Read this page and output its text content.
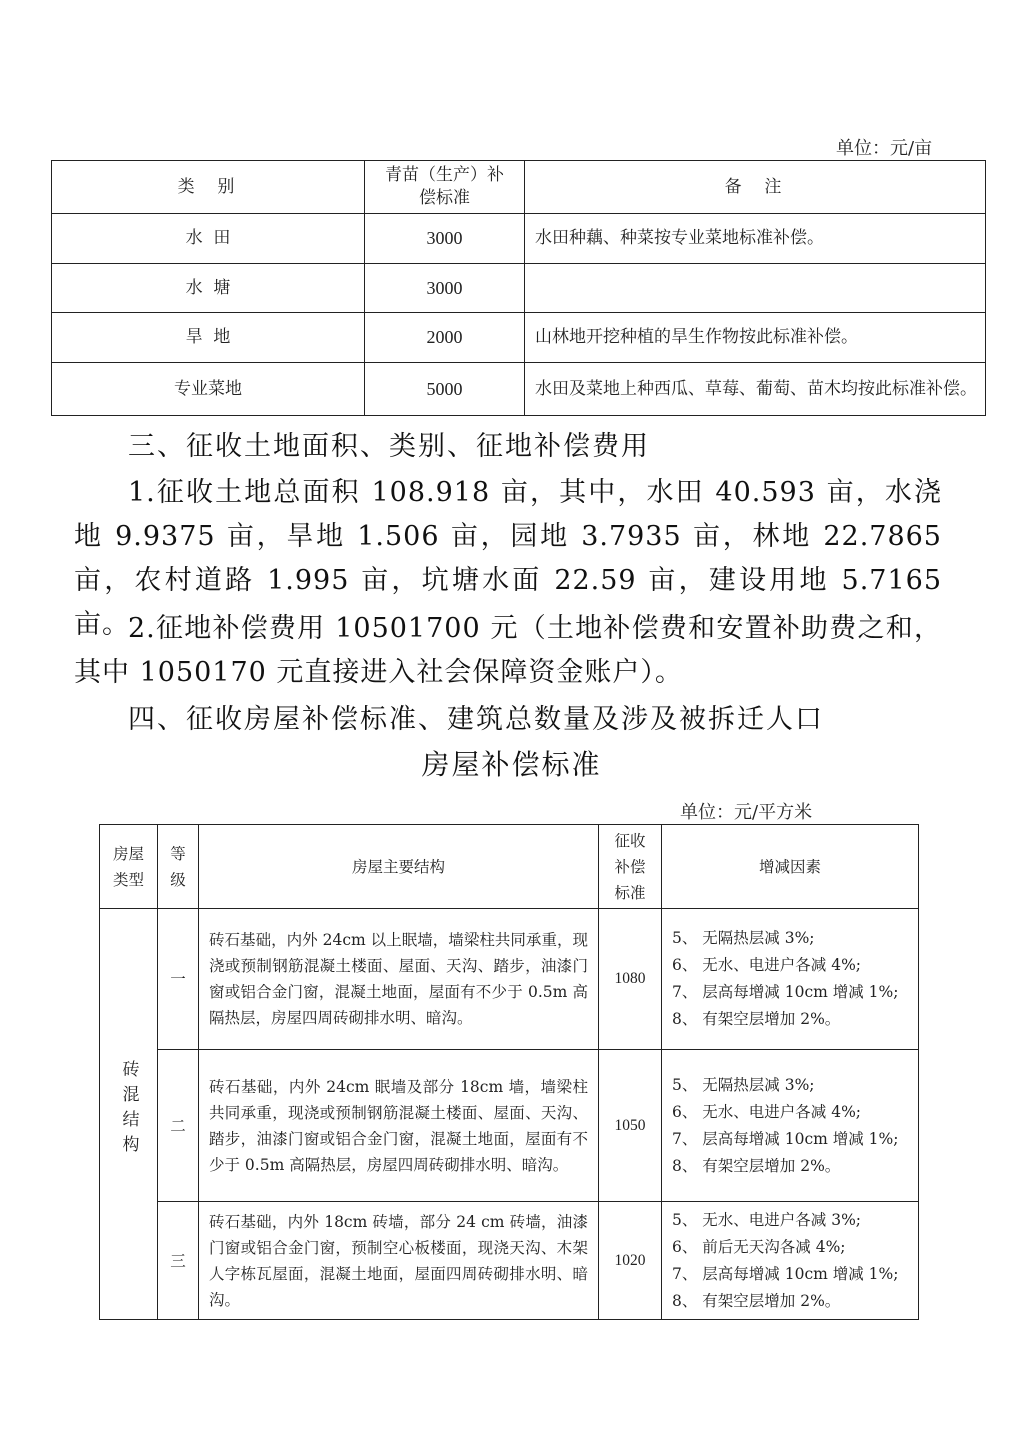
单位：元/亩
类  别	青苗（生产）补偿标准	备  注
水  田	3000	水田种藕、种菜按专业菜地标准补偿。
水  塘	3000	
旱  地	2000	山林地开挖种植的旱生作物按此标准补偿。
专业菜地	5000	水田及菜地上种西瓜、草莓、葡萄、苗木均按此标准补偿。
三、征收土地面积、类别、征地补偿费用
1.征收土地总面积 108.918 亩，其中，水田 40.593 亩，水浇地 9.9375 亩，旱地 1.506 亩，园地 3.7935 亩，林地 22.7865 亩，农村道路 1.995 亩，坑塘水面 22.59 亩，建设用地 5.7165 亩。
2.征地补偿费用 10501700 元（土地补偿费和安置补助费之和，其中 1050170 元直接进入社会保障资金账户）。
四、征收房屋补偿标准、建筑总数量及涉及被拆迁人口
房屋补偿标准
单位：元/平方米
房屋类型	等级	房屋主要结构	征收补偿标准	增减因素
砖混结构	一	砖石基础，内外 24cm 以上眠墙，墙梁柱共同承重，现浇或预制钢筋混凝土楼面、屋面、天沟、踏步，油漆门窗或铝合金门窗，混凝土地面，屋面有不少于 0.5m 高隔热层，房屋四周砖砌排水明、暗沟。	1080	5、 无隔热层减 3%;
6、 无水、电进户各减 4%;
7、 层高每增减 10cm 增减 1%;
8、 有架空层增加 2%。

	二	砖石基础，内外 24cm 眠墙及部分 18cm 墙，墙梁柱共同承重，现浇或预制钢筋混凝土楼面、屋面、天沟、踏步，油漆门窗或铝合金门窗，混凝土地面，屋面有不少于 0.5m 高隔热层，房屋四周砖砌排水明、暗沟。	1050	5、 无隔热层减 3%;
6、 无水、电进户各减 4%;
7、 层高每增减 10cm 增减 1%;
8、 有架空层增加 2%。

	三	砖石基础，内外 18cm 砖墙，部分 24 cm 砖墙，油漆门窗或铝合金门窗，预制空心板楼面，现浇天沟、木架人字栋瓦屋面，混凝土地面，屋面四周砖砌排水明、暗沟。	1020	5、 无水、电进户各减 3%;
6、 前后无天沟各减 4%;
7、 层高每增减 10cm 增减 1%;
8、 有架空层增加 2%。
